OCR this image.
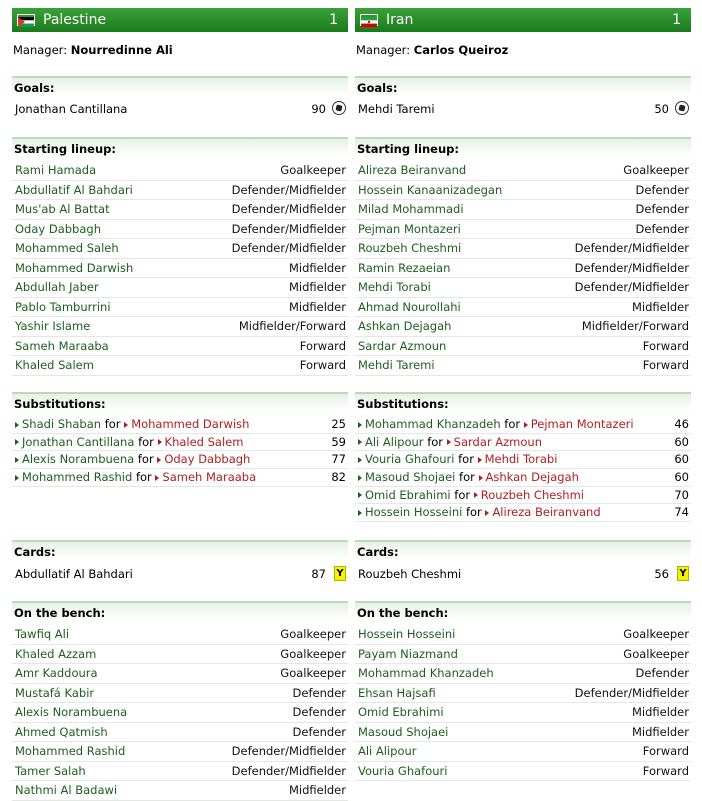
Palestine	1
Manager: Nourredinne Ali
Goals:
Jonathan Cantillana	90
Starting lineup:
Rami Hamada	Goalkeeper
Abdullatif Al Bahdari	Defender/Midfielder
Mus'ab Al Battat	Defender/Midfielder
Oday Dabbagh	Defender/Midfielder
Mohammed Saleh	Defender/Midfielder
Mohammed Darwish	Midfielder
Abdullah Jaber	Midfielder
Pablo Tamburrini	Midfielder
Yashir Islame	Midfielder/Forward
Sameh Maraaba	Forward
Khaled Salem	Forward
Substitutions:
Shadi Shaban for Mohammed Darwish	25
Jonathan Cantillana for Khaled Salem	59
Alexis Norambuena for Oday Dabbagh	77
Mohammed Rashid for Sameh Maraaba	82
Cards:
Abdullatif Al Bahdari	87 Y
On the bench:
Tawfiq Ali	Goalkeeper
Khaled Azzam	Goalkeeper
Amr Kaddoura	Goalkeeper
Mustafá Kabir	Defender
Alexis Norambuena	Defender
Ahmed Qatmish	Defender
Mohammed Rashid	Defender/Midfielder
Tamer Salah	Defender/Midfielder
Nathmi Al Badawi	Midfielder
Iran	1
Manager: Carlos Queiroz
Goals:
Mehdi Taremi	50
Starting lineup:
Alireza Beiranvand	Goalkeeper
Hossein Kanaanizadegan	Defender
Milad Mohammadi	Defender
Pejman Montazeri	Defender
Rouzbeh Cheshmi	Defender/Midfielder
Ramin Rezaeian	Defender/Midfielder
Mehdi Torabi	Defender/Midfielder
Ahmad Nourollahi	Midfielder
Ashkan Dejagah	Midfielder/Forward
Sardar Azmoun	Forward
Mehdi Taremi	Forward
Substitutions:
Mohammad Khanzadeh for Pejman Montazeri	46
Ali Alipour for Sardar Azmoun	60
Vouria Ghafouri for Mehdi Torabi	60
Masoud Shojaei for Ashkan Dejagah	60
Omid Ebrahimi for Rouzbeh Cheshmi	70
Hossein Hosseini for Alireza Beiranvand	74
Cards:
Rouzbeh Cheshmi	56 Y
On the bench:
Hossein Hosseini	Goalkeeper
Payam Niazmand	Goalkeeper
Mohammad Khanzadeh	Defender
Ehsan Hajsafi	Defender/Midfielder
Omid Ebrahimi	Midfielder
Masoud Shojaei	Midfielder
Ali Alipour	Forward
Vouria Ghafouri	Forward
